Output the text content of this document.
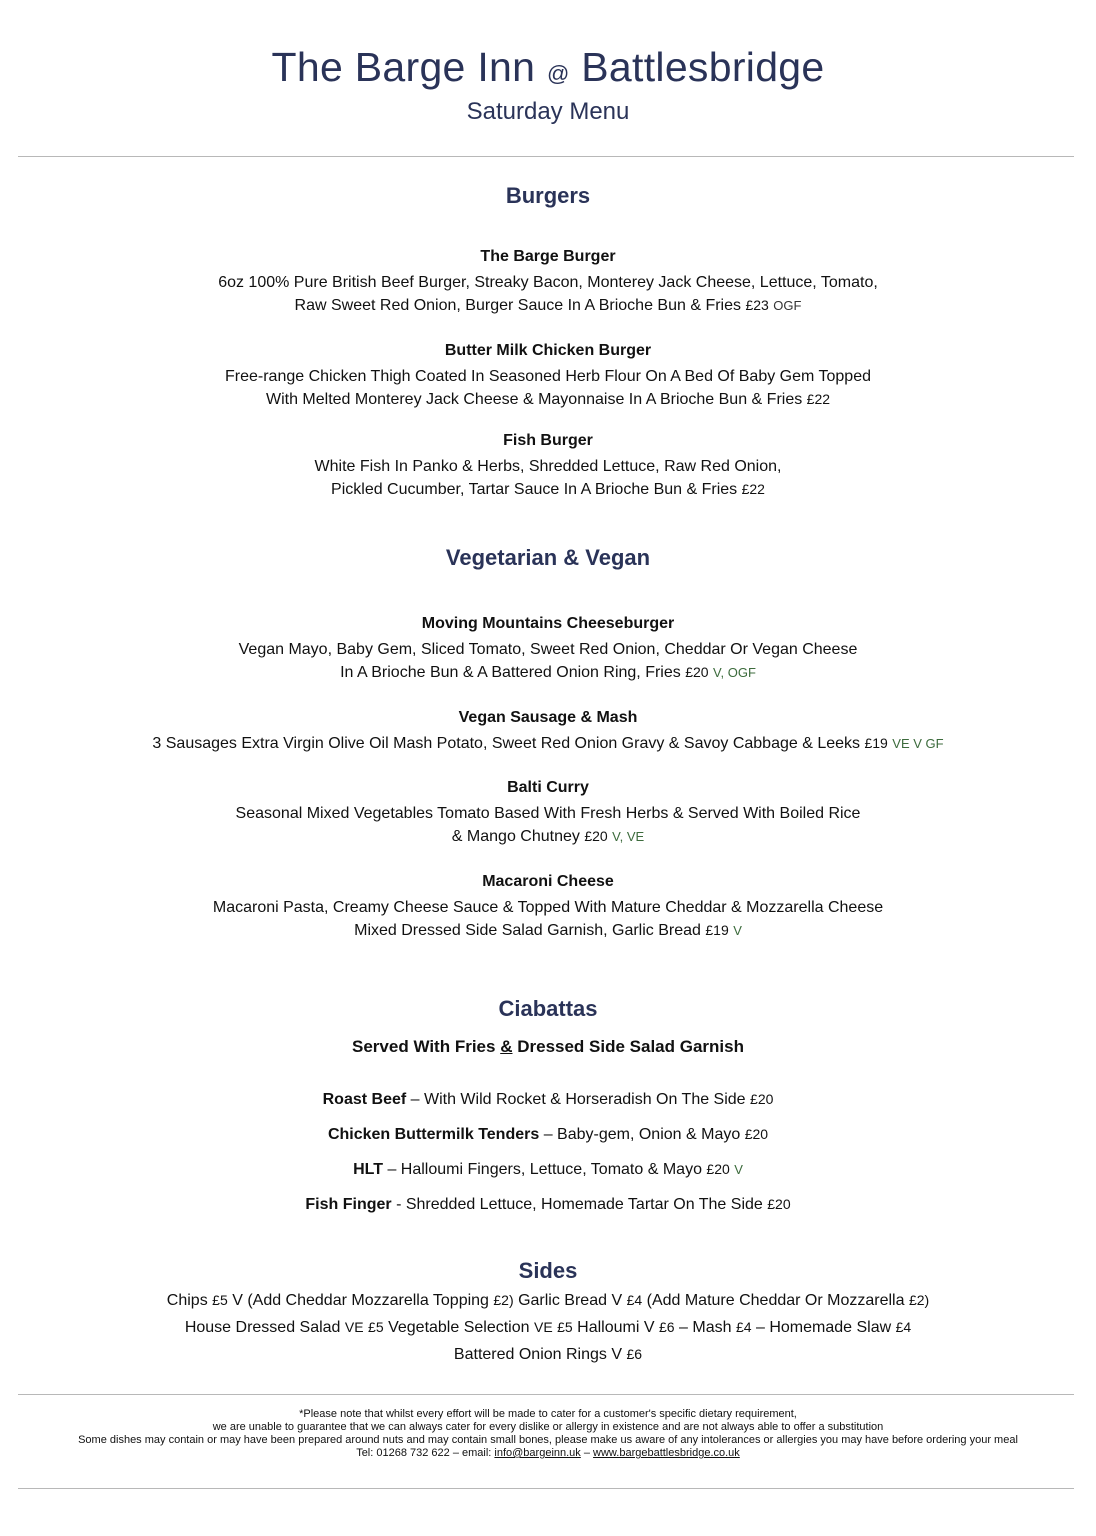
The Barge Inn @ Battlesbridge
Saturday Menu
Burgers
The Barge Burger
6oz 100% Pure British Beef Burger, Streaky Bacon, Monterey Jack Cheese, Lettuce, Tomato,
Raw Sweet Red Onion, Burger Sauce In A Brioche Bun & Fries £23 OGF
Butter Milk Chicken Burger
Free-range Chicken Thigh Coated In Seasoned Herb Flour On A Bed Of Baby Gem Topped
With Melted Monterey Jack Cheese & Mayonnaise In A Brioche Bun & Fries £22
Fish Burger
White Fish In Panko & Herbs, Shredded Lettuce, Raw Red Onion,
Pickled Cucumber, Tartar Sauce In A Brioche Bun & Fries £22
Vegetarian & Vegan
Moving Mountains Cheeseburger
Vegan Mayo, Baby Gem, Sliced Tomato, Sweet Red Onion, Cheddar Or Vegan Cheese
In A Brioche Bun & A Battered Onion Ring, Fries £20 V, OGF
Vegan Sausage & Mash
3 Sausages Extra Virgin Olive Oil Mash Potato, Sweet Red Onion Gravy & Savoy Cabbage & Leeks £19 VE V GF
Balti Curry
Seasonal Mixed Vegetables Tomato Based With Fresh Herbs & Served With Boiled Rice
& Mango Chutney £20 V, VE
Macaroni Cheese
Macaroni Pasta, Creamy Cheese Sauce & Topped With Mature Cheddar & Mozzarella Cheese
Mixed Dressed Side Salad Garnish, Garlic Bread £19 V
Ciabattas
Served With Fries & Dressed Side Salad Garnish
Roast Beef – With Wild Rocket & Horseradish On The Side £20
Chicken Buttermilk Tenders – Baby-gem, Onion & Mayo £20
HLT – Halloumi Fingers, Lettuce, Tomato & Mayo £20 V
Fish Finger - Shredded Lettuce, Homemade Tartar On The Side £20
Sides
Chips £5 V (Add Cheddar Mozzarella Topping £2) Garlic Bread V £4 (Add Mature Cheddar Or Mozzarella £2)
House Dressed Salad VE £5 Vegetable Selection VE £5 Halloumi V £6 – Mash £4 – Homemade Slaw £4
Battered Onion Rings V £6
*Please note that whilst every effort will be made to cater for a customer's specific dietary requirement,
we are unable to guarantee that we can always cater for every dislike or allergy in existence and are not always able to offer a substitution
Some dishes may contain or may have been prepared around nuts and may contain small bones, please make us aware of any intolerances or allergies you may have before ordering your meal
Tel: 01268 732 622 – email: info@bargeinn.uk – www.bargebattlesbridge.co.uk
